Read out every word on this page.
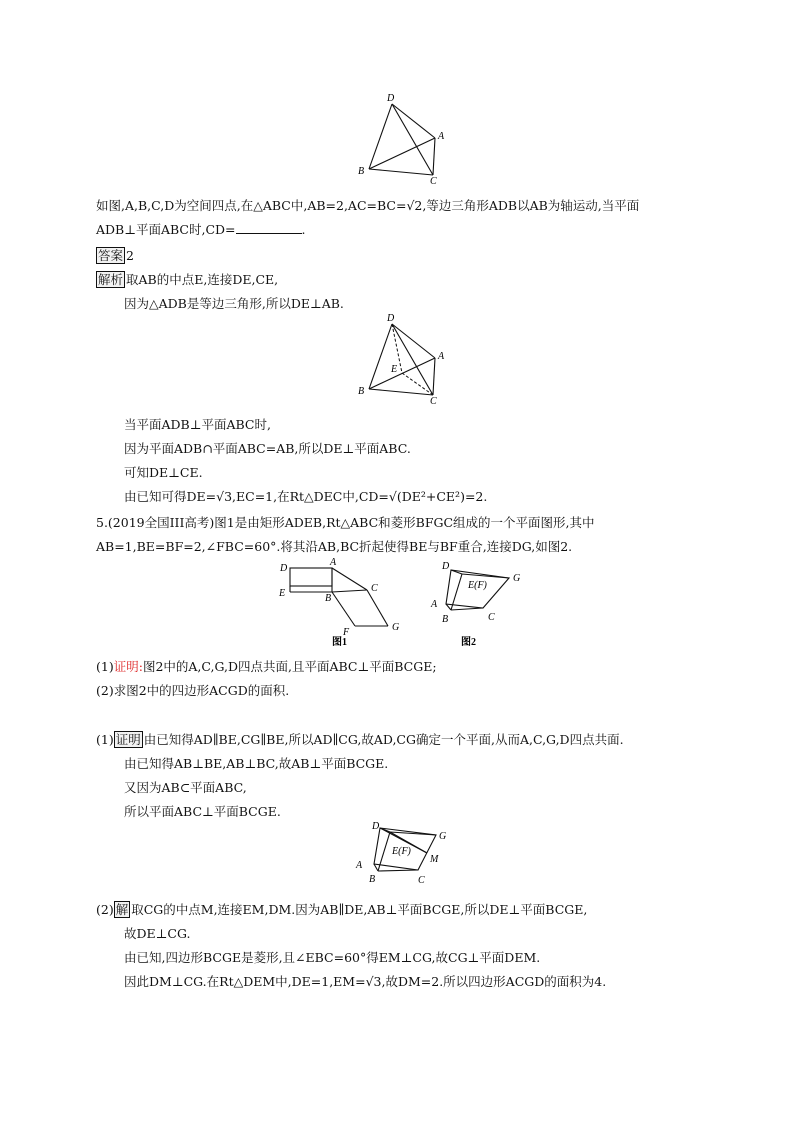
D
A
B
C
如图,A,B,C,D为空间四点,在△ABC中,AB=2,AC=BC=√2,等边三角形ADB以AB为轴运动,当平面
ADB⊥平面ABC时,CD=	.
答案 2
解析 取AB的中点E,连接DE,CE,
因为△ADB是等边三角形,所以DE⊥AB.
D
A
B
C
E
当平面ADB⊥平面ABC时,
因为平面ADB∩平面ABC=AB,所以DE⊥平面ABC.
可知DE⊥CE.
由已知可得DE=√3,EC=1,在Rt△DEC中,CD=√(DE²+CE²)=2.
5.(2019全国III高考)图1是由矩形ADEB,Rt△ABC和菱形BFGC组成的一个平面图形,其中
AB=1,BE=BF=2,∠FBC=60°.将其沿AB,BC折起使得BE与BF重合,连接DG,如图2.
D
A
E	B
C
F	G
图1
D
E(F)
G
A
B	C
图2
(1)证明:图2中的A,C,G,D四点共面,且平面ABC⊥平面BCGE;
(2)求图2中的四边形ACGD的面积.
(1) 证明 由已知得AD∥BE,CG∥BE,所以AD∥CG,故AD,CG确定一个平面,从而A,C,G,D四点共面.
由已知得AB⊥BE,AB⊥BC,故AB⊥平面BCGE.
又因为AB⊂平面ABC,
所以平面ABC⊥平面BCGE.
D
E(F)
G
M
A
B	C
(2) 解 取CG的中点M,连接EM,DM.因为AB∥DE,AB⊥平面BCGE,所以DE⊥平面BCGE,
故DE⊥CG.
由已知,四边形BCGE是菱形,且∠EBC=60°得EM⊥CG,故CG⊥平面DEM.
因此DM⊥CG.在Rt△DEM中,DE=1,EM=√3,故DM=2.所以四边形ACGD的面积为4.
